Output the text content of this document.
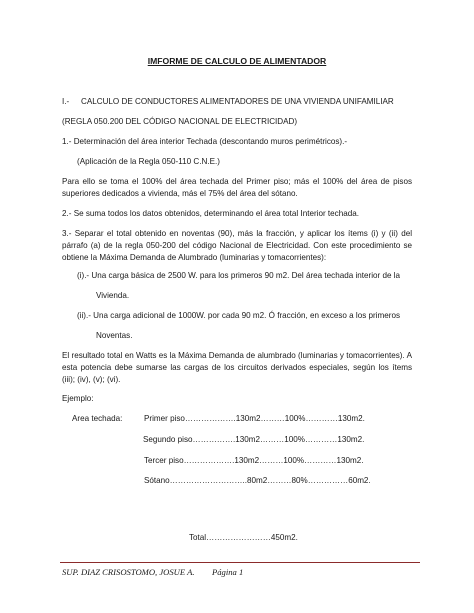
IMFORME DE CALCULO DE ALIMENTADOR
I.- CALCULO DE CONDUCTORES ALIMENTADORES DE UNA VIVIENDA UNIFAMILIAR
(REGLA 050.200 DEL CÓDIGO NACIONAL DE ELECTRICIDAD)
1.- Determinación del área interior Techada (descontando muros perimétricos).-
(Aplicación de la Regla 050-110 C.N.E.)
Para ello se toma el 100% del área techada del Primer piso; más el 100% del área de pisos superiores dedicados a vivienda, más el 75% del área del sótano.
2.- Se suma todos los datos obtenidos, determinando el área total Interior techada.
3.- Separar el total obtenido en noventas (90), más la fracción, y aplicar los ítems (i) y (ii) del párrafo (a) de la regla 050-200 del código Nacional de Electricidad. Con este procedimiento se obtiene la Máxima Demanda de Alumbrado (luminarias y tomacorrientes):
(i).- Una carga básica de 2500 W. para los primeros 90 m2. Del área techada interior de la
Vivienda.
(ii).- Una carga adicional de 1000W. por cada 90 m2. Ó fracción, en exceso a los primeros
Noventas.
El resultado total en Watts es la Máxima Demanda de alumbrado (luminarias y tomacorrientes). A esta potencia debe sumarse las cargas de los circuitos derivados especiales, según los ítems (iii); (iv), (v); (vi).
Ejemplo:
Area techada:	Primer piso……………….130m2………100%…………130m2.
Segundo piso…………….130m2………100%…………130m2.
Tercer piso……………….130m2………100%…………130m2.
Sótano………………………..80m2………80%……………60m2.
Total……………………450m2.
SUP. DIAZ CRISOSTOMO, JOSUE A. Página 1
